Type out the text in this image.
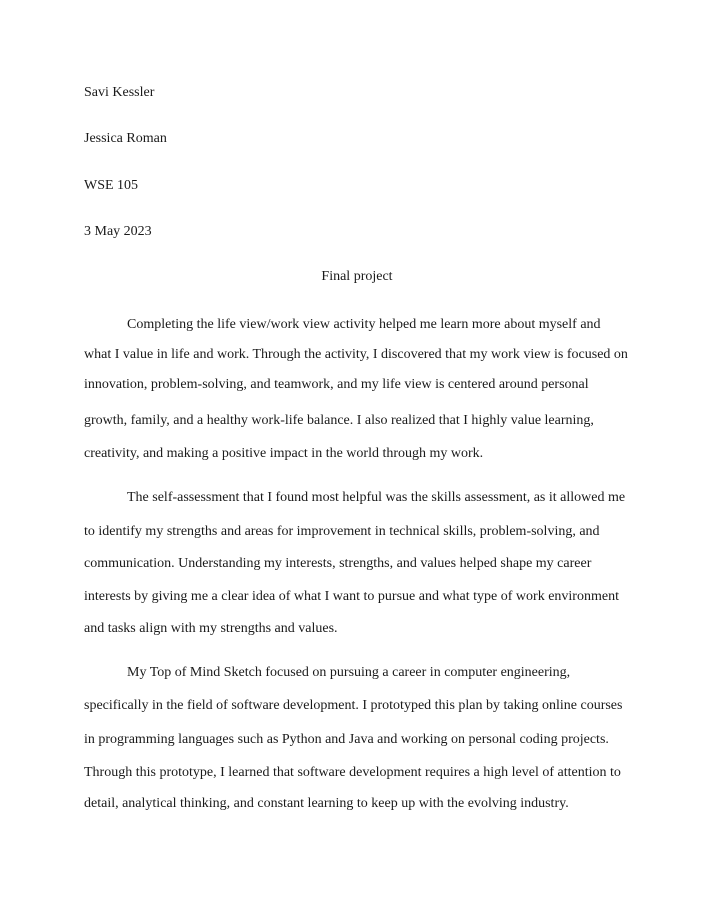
Savi Kessler
Jessica Roman
WSE 105
3 May 2023
Final project
Completing the life view/work view activity helped me learn more about myself and
what I value in life and work. Through the activity, I discovered that my work view is focused on
innovation, problem-solving, and teamwork, and my life view is centered around personal
growth, family, and a healthy work-life balance. I also realized that I highly value learning,
creativity, and making a positive impact in the world through my work.
The self-assessment that I found most helpful was the skills assessment, as it allowed me
to identify my strengths and areas for improvement in technical skills, problem-solving, and
communication. Understanding my interests, strengths, and values helped shape my career
interests by giving me a clear idea of what I want to pursue and what type of work environment
and tasks align with my strengths and values.
My Top of Mind Sketch focused on pursuing a career in computer engineering,
specifically in the field of software development. I prototyped this plan by taking online courses
in programming languages such as Python and Java and working on personal coding projects.
Through this prototype, I learned that software development requires a high level of attention to
detail, analytical thinking, and constant learning to keep up with the evolving industry.
